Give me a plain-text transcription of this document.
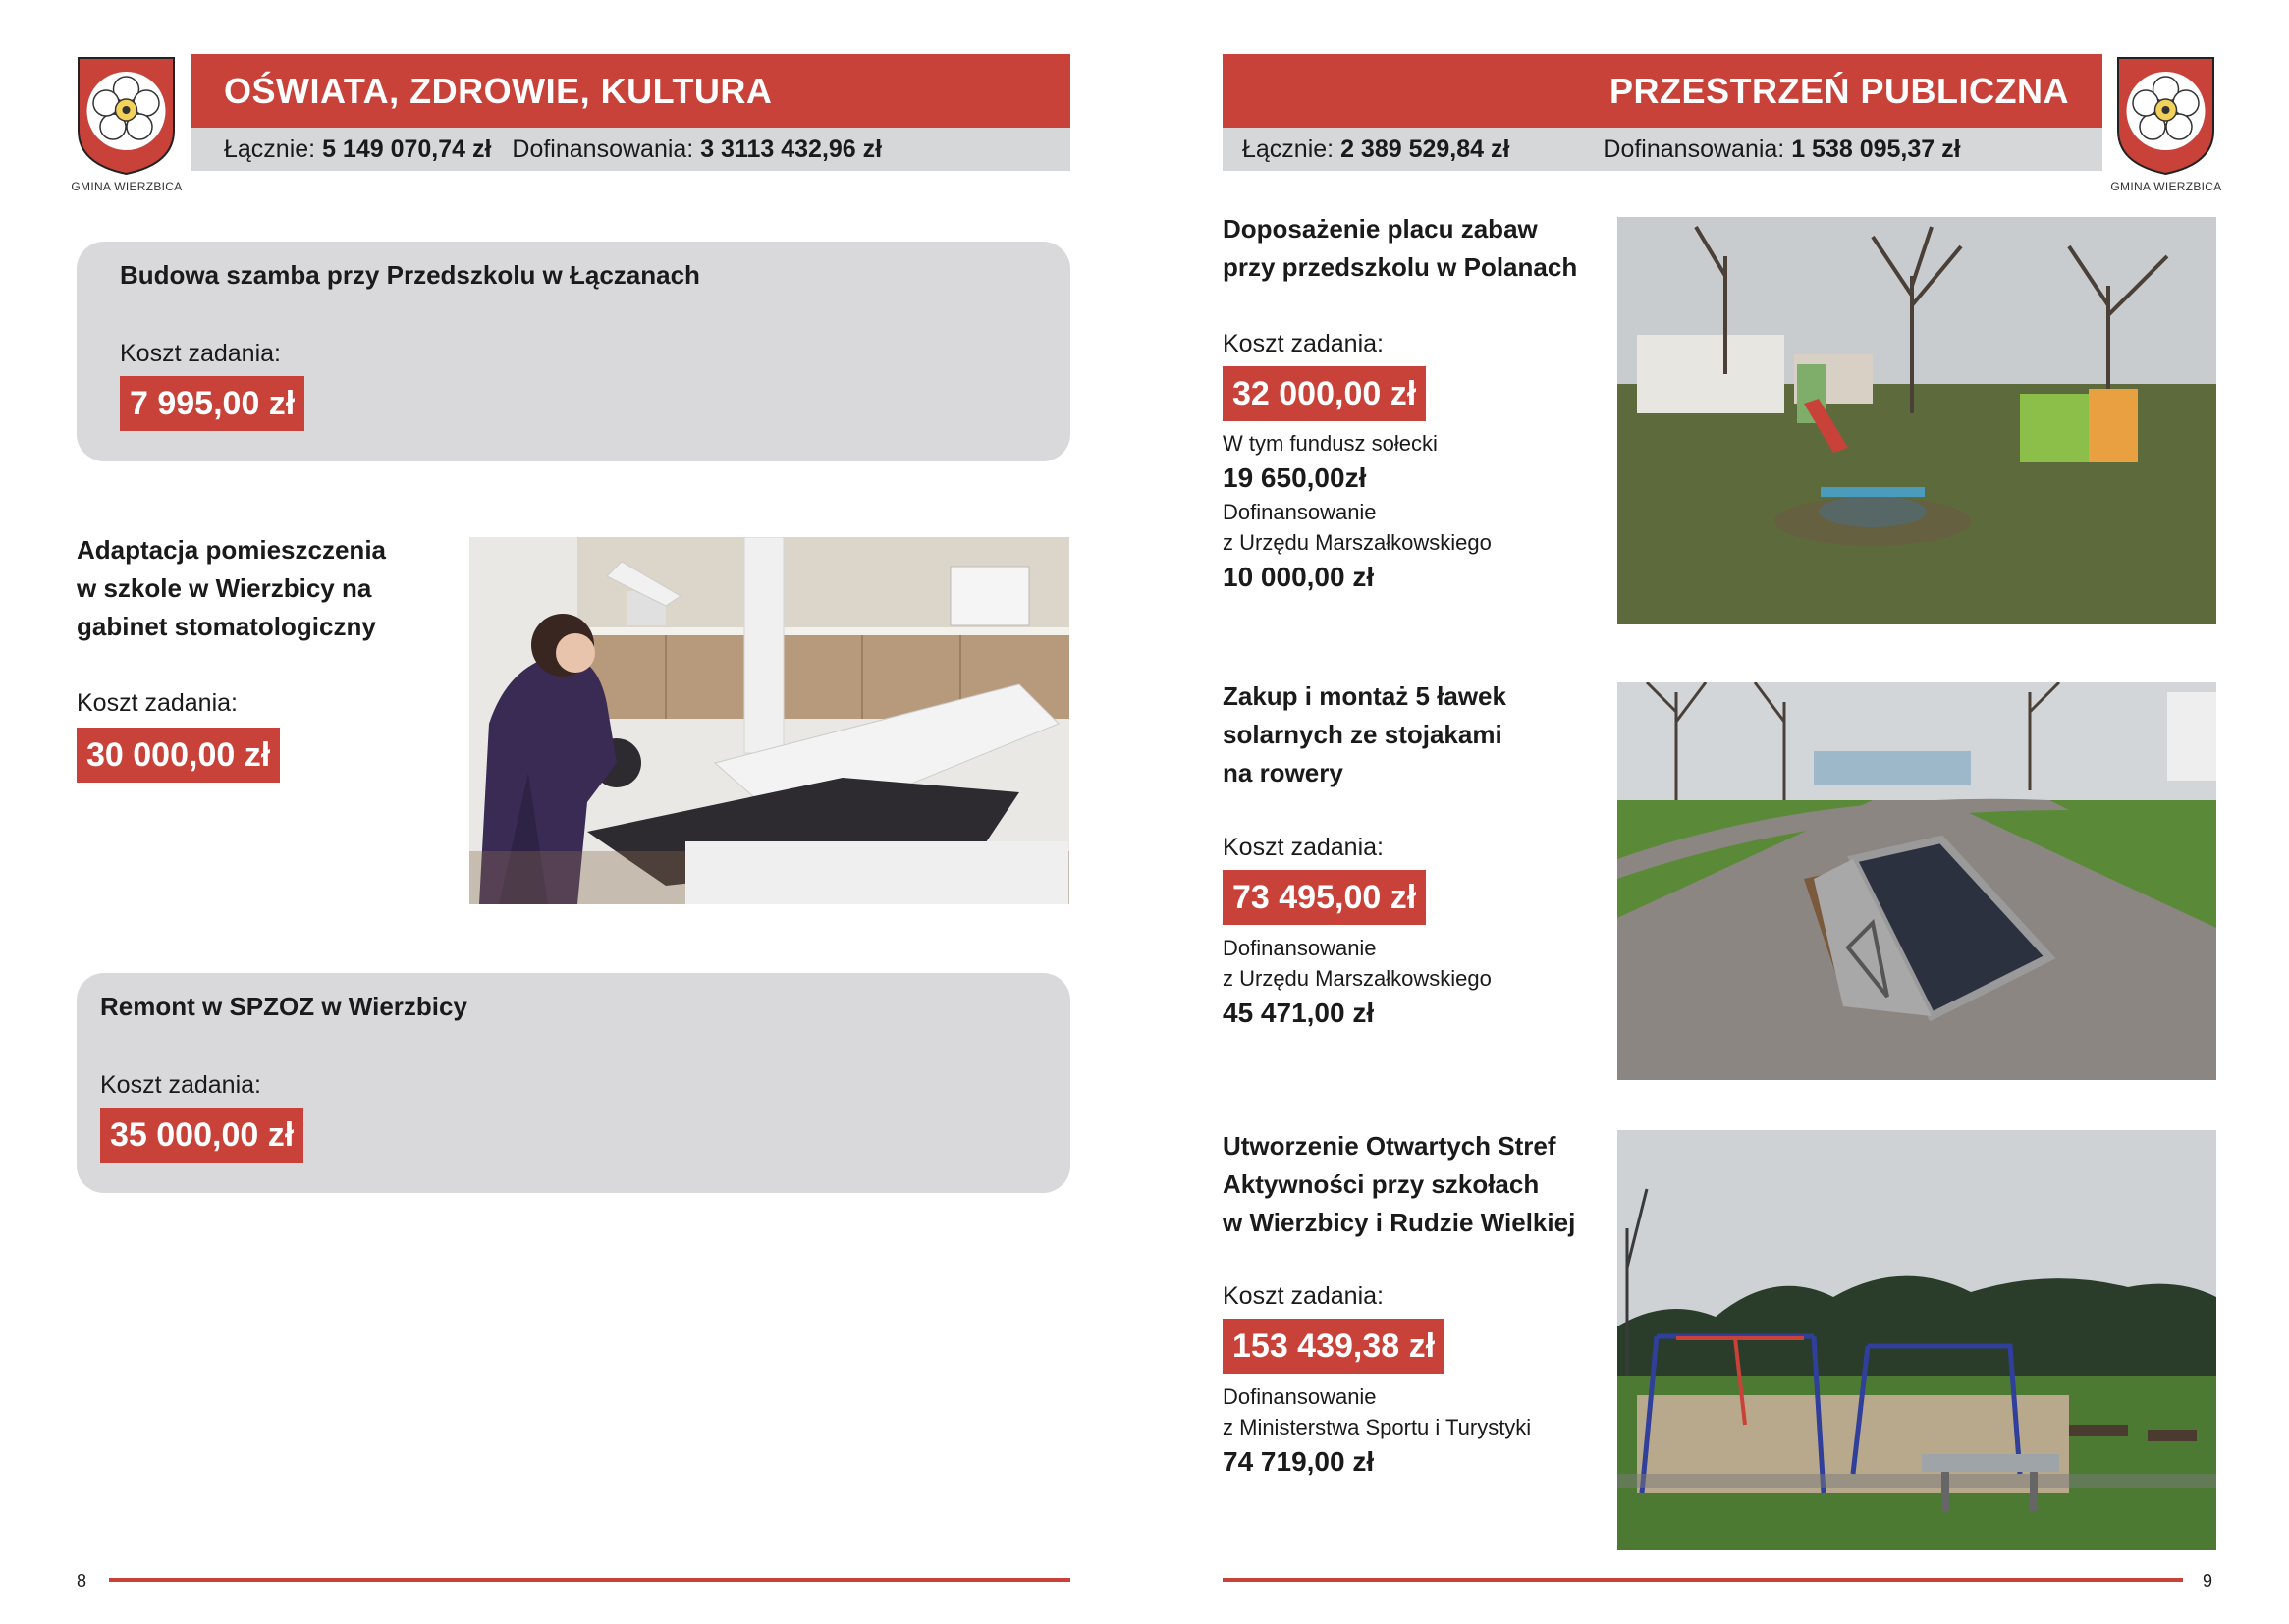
GMINA WIERZBICA
OŚWIATA, ZDROWIE, KULTURA
Łącznie: 5 149 070,74 zł Dofinansowania: 3 3113 432,96 zł
Budowa szamba przy Przedszkolu w Łączanach
Koszt zadania:
7 995,00 zł
Adaptacja pomieszczenia
w szkole w Wierzbicy na
gabinet stomatologiczny
Koszt zadania:
30 000,00 zł
Remont w SPZOZ w Wierzbicy
Koszt zadania:
35 000,00 zł
8
PRZESTRZEŃ PUBLICZNA
Łącznie: 2 389 529,84 zł	Dofinansowania: 1 538 095,37 zł
GMINA WIERZBICA
Doposażenie placu zabaw
przy przedszkolu w Polanach
Koszt zadania:
32 000,00 zł
W tym fundusz sołecki
19 650,00zł
Dofinansowanie
z Urzędu Marszałkowskiego
10 000,00 zł
Zakup i montaż 5 ławek
solarnych ze stojakami
na rowery
Koszt zadania:
73 495,00 zł
Dofinansowanie
z Urzędu Marszałkowskiego
45 471,00 zł
Utworzenie Otwartych Stref
Aktywności przy szkołach
w Wierzbicy i Rudzie Wielkiej
Koszt zadania:
153 439,38 zł
Dofinansowanie
z Ministerstwa Sportu i Turystyki
74 719,00 zł
9
